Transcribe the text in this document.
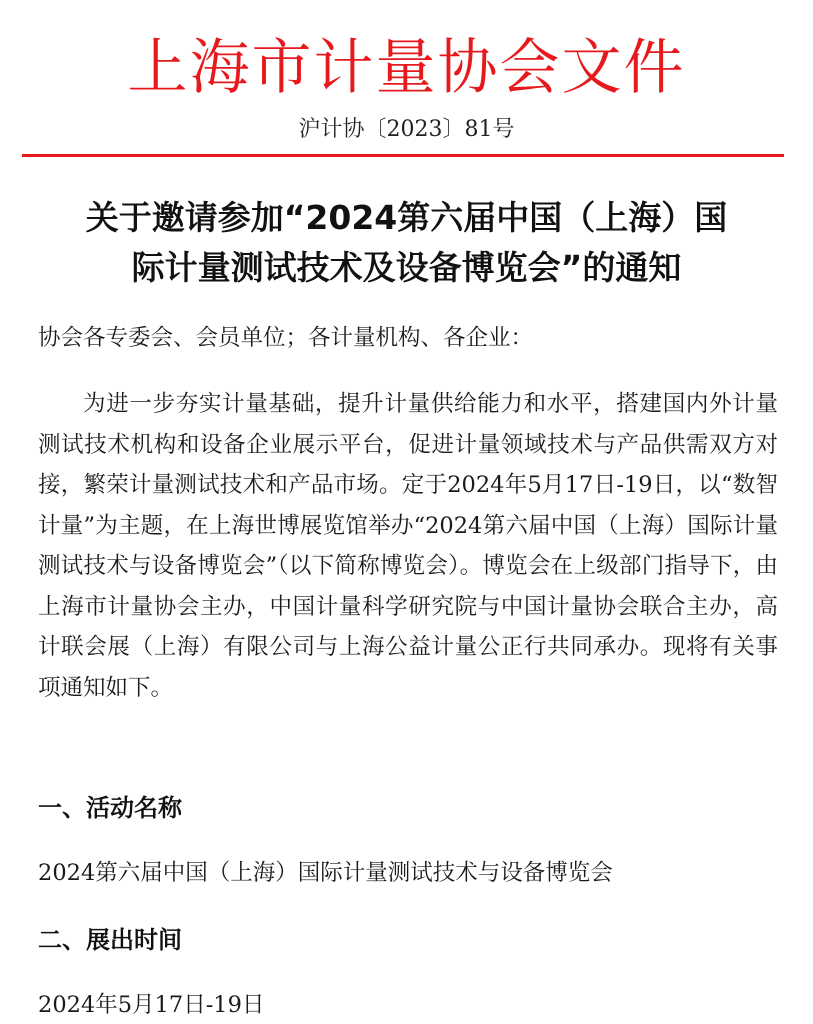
上海市计量协会文件
沪计协〔2023〕81号
关于邀请参加“2024第六届中国（上海）国
际计量测试技术及设备博览会”的通知
协会各专委会、会员单位；各计量机构、各企业：
为进一步夯实计量基础，提升计量供给能力和水平，搭建国内外计量测试技术机构和设备企业展示平台，促进计量领域技术与产品供需双方对接，繁荣计量测试技术和产品市场。定于2024年5月17日-19日，以“数智计量”为主题，在上海世博展览馆举办“2024第六届中国（上海）国际计量测试技术与设备博览会”（以下简称博览会）。博览会在上级部门指导下，由上海市计量协会主办，中国计量科学研究院与中国计量协会联合主办，高计联会展（上海）有限公司与上海公益计量公正行共同承办。现将有关事项通知如下。
一、活动名称
2024第六届中国（上海）国际计量测试技术与设备博览会
二、展出时间
2024年5月17日-19日
